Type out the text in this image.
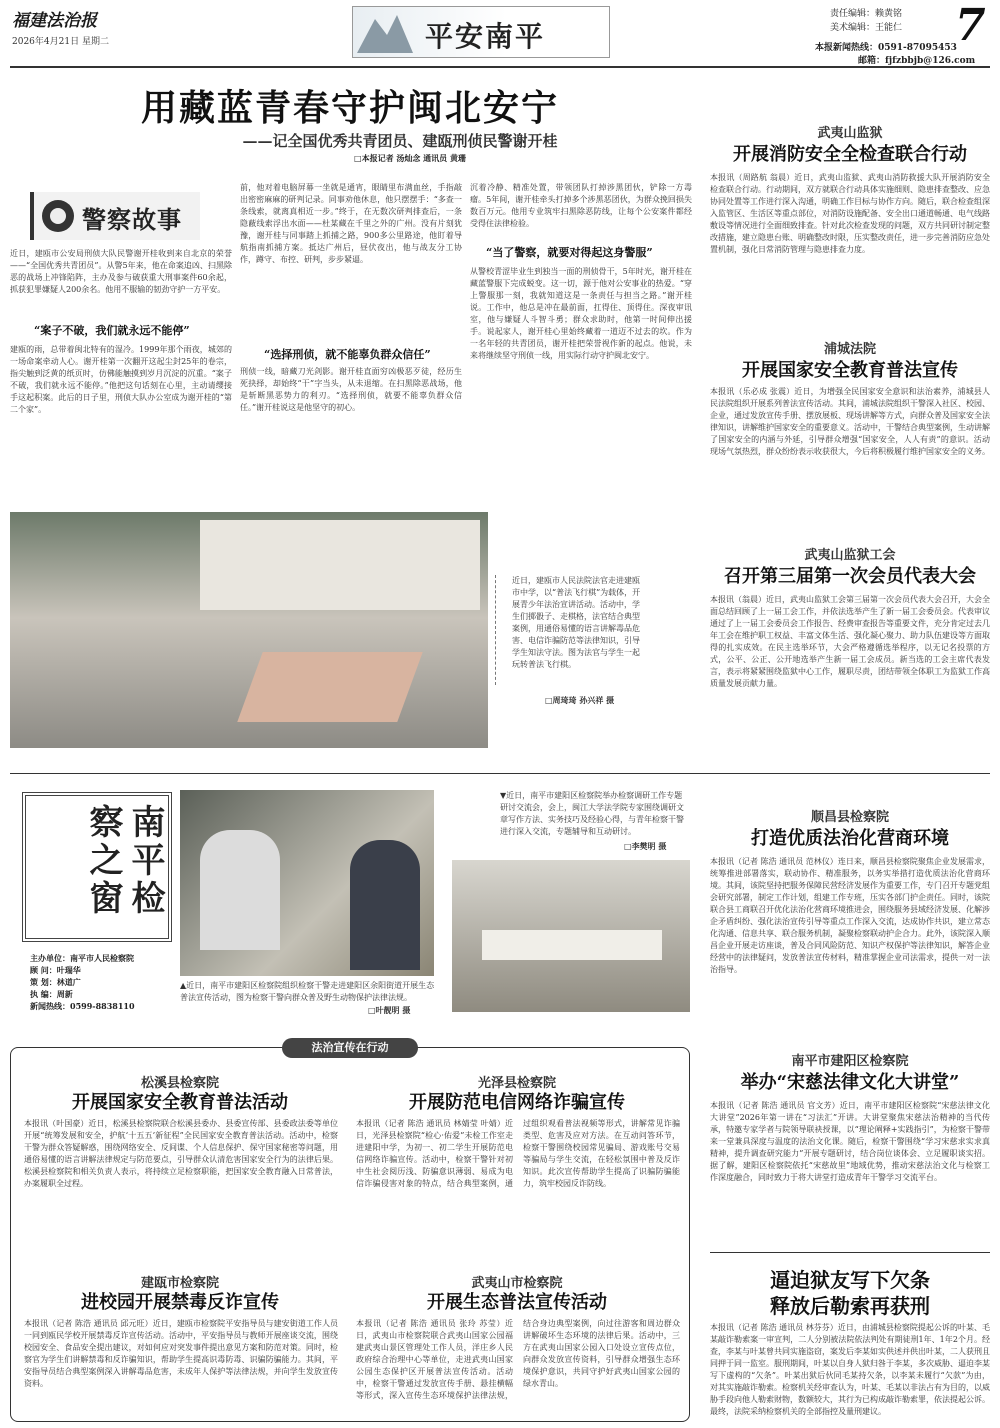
福建法治报
2026年4月21日 星期二	平安南平
责任编辑：赖黄铭
美术编辑：王能仁 7
本报新闻热线：0591-87095453
邮箱：fjfzbbjb@126.com
用藏蓝青春守护闽北安宁
——记全国优秀共青团员、建瓯刑侦民警谢开桂
□本报记者 汤灿念 通讯员 黄珊
警察故事
近日，建瓯市公安局刑侦大队民警谢开桂收到来自北京的荣誉——“全国优秀共青团员”。从警5年来，他在命案追凶、扫黑除恶的战场上冲锋陷阵，主办及参与破获重大刑事案件60余起，抓获犯罪嫌疑人200余名。他用不服输的韧劲守护一方平安。
“案子不破，我们就永远不能停”
建瓯的雨，总带着闽北特有的湿冷。1999年那个雨夜，城郊的一场命案牵动人心。谢开桂第一次翻开这起尘封25年的卷宗，指尖触到泛黄的纸页时，仿佛能触摸到岁月沉淀的沉重。“案子不破，我们就永远不能停。”他把这句话刻在心里，主动请缨接手这起积案。此后的日子里，刑侦大队办公室成为谢开桂的“第二个家”。
前，他对着电脑屏幕一坐就是通宵，眼睛里布满血丝，手指敲出密密麻麻的研判记录。同事劝他休息，他只摆摆手：“多查一条线索，就离真相近一步。”终于，在无数次研判排查后，一条隐蔽线索浮出水面——杜某藏在千里之外的广州。没有片刻犹豫，谢开桂与同事踏上抓捕之路，900多公里路途，他盯着导航指南抓捕方案。抵达广州后，昼伏夜出，他与战友分工协作，蹲守、布控、研判，步步紧逼。
“选择刑侦，就不能辜负群众信任”
刑侦一线，暗藏刀光剑影。谢开桂直面穷凶极恶歹徒，经历生死抉择，却始终“干”字当头，从未退缩。在扫黑除恶战场，他是斩断黑恶势力的利刃。“选择刑侦，就要不能辜负群众信任。”谢开桂说这是他坚守的初心。
沉着冷静、精准处置，带领团队打掉涉黑团伙，铲除一方毒瘤。5年间，谢开桂牵头打掉多个涉黑恶团伙，为群众挽回损失数百万元。他用专业筑牢扫黑除恶防线，让每个公安案件都经受得住法律检验。
“当了警察，就要对得起这身警服”
从警校青涩毕业生到独当一面的刑侦骨干，5年时光，谢开桂在藏蓝警服下完成蜕变。这一切，源于他对公安事业的热爱。“穿上警服那一刻，我就知道这是一条责任与担当之路。”谢开桂说。工作中，他总是冲在最前面，扛得住、顶得住。深夜审讯室，他与嫌疑人斗智斗勇；群众求助时，他第一时间伸出援手。说起家人，谢开桂心里始终藏着一道迈不过去的坎。作为一名年轻的共青团员，谢开桂把荣誉视作新的起点。他说，未来将继续坚守刑侦一线，用实际行动守护闽北安宁。
近日，建瓯市人民法院法官走进建瓯市中学，以“普法飞行棋”为载体，开展青少年法治宣讲活动。活动中，学生们掷骰子、走棋格，法官结合典型案例，用通俗易懂的语言讲解毒品危害、电信诈骗防范等法律知识，引导学生知法守法。图为法官与学生一起玩转普法飞行棋。
□周琦琦 孙兴祥 摄
武夷山监狱
开展消防安全全检查联合行动
本报讯（周路航 翁晨）近日，武夷山监狱、武夷山消防救援大队开展消防安全检查联合行动。行动期间，双方就联合行动具体实施细则、隐患排查整改、应急协同处置等工作进行深入沟通，明确工作目标与协作方向。随后，联合检查组深入监管区、生活区等重点部位，对消防设施配备、安全出口通道畅通、电气线路敷设等情况进行全面细致排查。针对此次检查发现的问题，双方共同研讨制定整改措施，建立隐患台账、明确整改时限，压实整改责任，进一步完善消防应急处置机制，强化日常消防管理与隐患排查力度。
浦城法院
开展国家安全教育普法宣传
本报讯（乐必成 张震）近日，为增强全民国家安全意识和法治素养，浦城县人民法院组织开展系列普法宣传活动。其间，浦城法院组织干警深入社区、校园、企业，通过发放宣传手册、摆放展板、现场讲解等方式，向群众普及国家安全法律知识，讲解维护国家安全的重要意义。活动中，干警结合典型案例，生动讲解了国家安全的内涵与外延，引导群众增强“国家安全，人人有责”的意识。活动现场气氛热烈，群众纷纷表示收获很大，今后将积极履行维护国家安全的义务。
武夷山监狱工会
召开第三届第一次会员代表大会
本报讯（翁晨）近日，武夷山监狱工会第三届第一次会员代表大会召开，大会全面总结回顾了上一届工会工作，并依法选举产生了新一届工会委员会。代表审议通过了上一届工会委员会工作报告、经费审查报告等重要文件，充分肯定过去几年工会在维护职工权益、丰富文体生活、强化凝心聚力、助力队伍建设等方面取得的扎实成效。在民主选举环节，大会严格遵循选举程序，以无记名投票的方式，公平、公正、公开地选举产生新一届工会成员。新当选的工会主席代表发言，表示将紧紧围绕监狱中心工作，履职尽责，团结带领全体职工为监狱工作高质量发展贡献力量。
南平检察之窗
主办单位：南平市人民检察院
顾 问：叶瑞华
策 划：林道广
执 编：周新
新闻热线：0599-8838110
▲近日，南平市建阳区检察院组织检察干警走进建阳区余阳街道开展生态普法宣传活动，图为检察干警向群众普及野生动物保护法律法规。
□叶靓明 摄
▼近日，南平市建阳区检察院举办检察调研工作专题研讨交流会，会上，闽江大学法学院专家围绕调研文章写作方法、实务技巧及经验心得，与青年检察干警进行深入交流，专题辅导和互动研讨。
□李樊明 摄
顺昌县检察院
打造优质法治化营商环境
本报讯（记者 陈浩 通讯员 范林仪）连日来，顺昌县检察院聚焦企业发展需求，统筹推进部署落实，联动协作、精准服务，以务实举措打造优质法治化营商环境。其间，该院坚持把服务保障民营经济发展作为重要工作，专门召开专题党组会研究部署，制定工作计划，组建工作专班，压实各部门护企责任。同时，该院联合县工商联召开优化法治化营商环境推进会，围绕服务县域经济发展、化解涉企矛盾纠纷、强化法治宣传引导等重点工作深入交流，达成协作共识，建立常态化沟通、信息共享、联合服务机制，凝聚检察联动护企合力。此外，该院深入顺昌企业开展走访座谈，普及合同风险防范、知识产权保护等法律知识，解答企业经营中的法律疑问，发放普法宣传材料，精准掌握企业司法需求，提供一对一法治指导。
南平市建阳区检察院
举办“宋慈法律文化大讲堂”
本报讯（记者 陈浩 通讯员 官文芳）近日，南平市建阳区检察院“宋慈法律文化大讲堂”2026年第一讲在“习法汇”开讲。大讲堂聚焦宋慈法治精神的当代传承，特邀专家学者与院领导联袂授课，以“理论阐释+实践指引”，为检察干警带来一堂兼具深度与温度的法治文化课。随后，检察干警围绕“学习宋慈求实求真精神，提升调查研究能力”开展专题研讨，结合岗位谈体会、立足履职谈实招。据了解，建阳区检察院依托“宋慈故里”地域优势，推动宋慈法治文化与检察工作深度融合，同时致力于将大讲堂打造成青年干警学习交流平台。
逼迫狱友写下欠条
释放后勒索再获刑
本报讯（记者 陈浩 通讯员 林芬芬）近日，由浦城县检察院提起公诉的叶某、毛某敲诈勒索案一审宣判，二人分别被法院依法判处有期徒刑1年、1年2个月。经查，李某与叶某曾共同实施盗窃，案发后李某如实供述并供出叶某，二人获刑且同押于同一监室。服刑期间，叶某以自身人狱归咎于李某，多次威胁、逼迫李某写下虚构的“欠条”。叶某出狱后伙同毛某持欠条，以李某未履行“欠款”为由，对其实施敲诈勒索。检察机关经审查认为，叶某、毛某以非法占有为目的，以威胁手段向他人勒索财物，数额较大，其行为已构成敲诈勒索罪，依法提起公诉。最终，法院采纳检察机关的全部指控及量刑建议。
法治宣传在行动
松溪县检察院
开展国家安全教育普法活动
本报讯（叶国豪）近日，松溪县检察院联合松溪县委办、县委宣传部、县委政法委等单位开展“统筹发展和安全，护航‘十五五’新征程”全民国家安全教育普法活动。活动中，检察干警为群众答疑解惑，围绕网络安全、反间谍、个人信息保护、保守国家秘密等问题，用通俗易懂的语言讲解法律规定与防范要点，引导群众认清危害国家安全行为的法律后果。松溪县检察院和相关负责人表示，将持续立足检察职能，把国家安全教育融入日常普法，办案履职全过程。
光泽县检察院
开展防范电信网络诈骗宣传
本报讯（记者 陈浩 通讯员 林婧莹 叶婧）近日，光泽县检察院“检心·佑爱”未检工作室走进建阳中学，为初一、初二学生开展防范电信网络诈骗宣传。活动中，检察干警针对初中生社会阅历浅、防骗意识薄弱、易成为电信诈骗侵害对象的特点，结合典型案例，通过组织观看普法视频等形式，讲解常见诈骗类型、危害及应对方法。在互动问答环节，检察干警围绕校园常见骗局、游戏账号交易等骗局与学生交流，在轻松氛围中普及反诈知识。此次宣传帮助学生提高了识骗防骗能力，筑牢校园反诈防线。
建瓯市检察院
进校园开展禁毒反诈宣传
本报讯（记者 陈浩 通讯员 邱元旺）近日，建瓯市检察院平安指导员与建安街道工作人员一同到瓯民学校开展禁毒反诈宣传活动。活动中，平安指导员与教师开展座谈交流，围绕校园安全、食品安全提出建议，对如何应对突发事件提出意见方案和防范对策。同时，检察官为学生们讲解禁毒和反诈骗知识，帮助学生提高识毒防毒、识骗防骗能力。其间，平安指导员结合典型案例深入讲解毒品危害，未成年人保护等法律法规，并向学生发放宣传资料。
武夷山市检察院
开展生态普法宣传活动
本报讯（记者 陈浩 通讯员 张玲 苏莹）近日，武夷山市检察院联合武夷山国家公园福建武夷山景区管理处工作人员，洋庄乡人民政府综合治理中心等单位，走进武夷山国家公园生态保护区开展普法宣传活动。活动中，检察干警通过发放宣传手册、悬挂横幅等形式，深入宣传生态环境保护法律法规，结合身边典型案例，向过往游客和周边群众讲解破坏生态环境的法律后果。活动中，三方在武夷山国家公园入口处设立宣传点位，向群众发放宣传资料，引导群众增强生态环境保护意识，共同守护好武夷山国家公园的绿水青山。
